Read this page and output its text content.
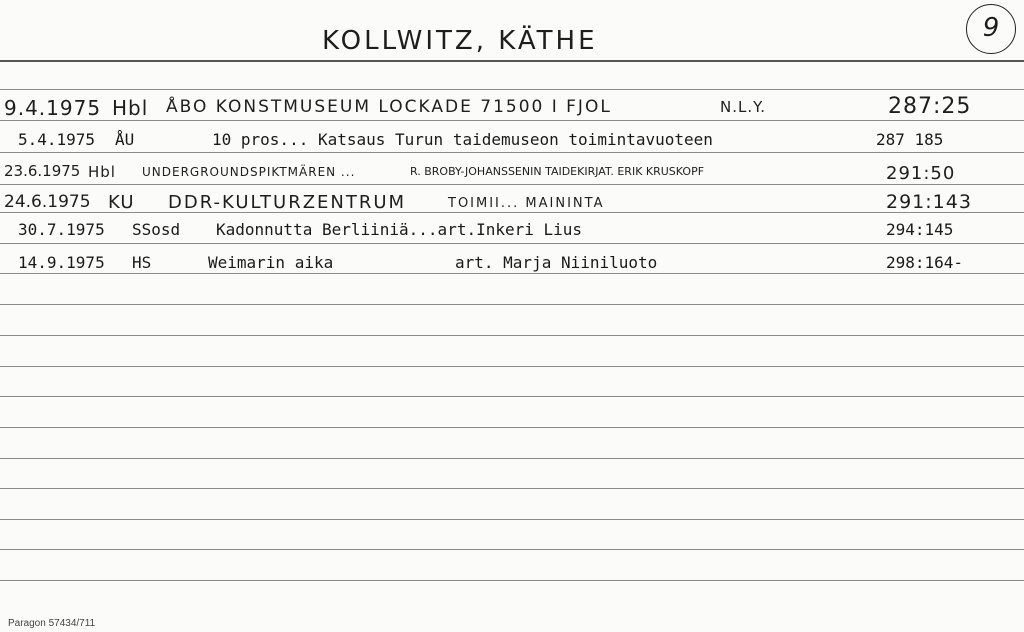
KOLLWITZ, KÄTHE	9
9.4.1975 Hbl ÅBO KONSTMUSEUM LOCKADE 71500 I FJOL	N.L.Y.	287:25
5.4.1975 ÅU	10 pros... Katsaus Turun taidemuseon toimintavuoteen	287 185
23.6.1975 Hbl UNDERGROUNDSPIKTMÄREN ...	R. BROBY-JOHANSSENIN TAIDEKIRJAT. ERIK KRUSKOPF	291:50
24.6.1975 KU DDR-KULTURZENTRUM	TOIMII... MAININTA	291:143
30.7.1975 SSosd Kadonnutta Berliiniä...art.Inkeri Lius	294:145
14.9.1975 HS	Weimarin aika	art. Marja Niiniluoto	298:164-
Paragon 57434/711
